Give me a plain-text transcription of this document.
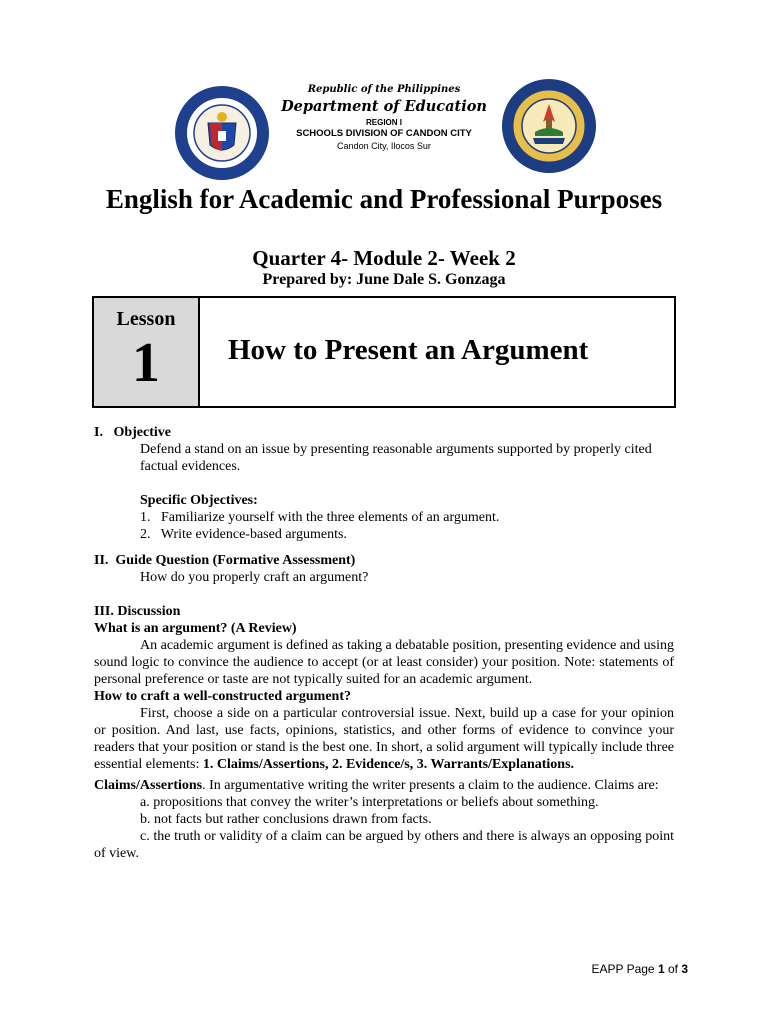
Republic of the Philippines
Department of Education
REGION I
SCHOOLS DIVISION OF CANDON CITY
Candon City, Ilocos Sur
English for Academic and Professional Purposes
Quarter 4- Module 2- Week 2
Prepared by: June Dale S. Gonzaga
Lesson
1	How to Present an Argument
I.   Objective
Defend a stand on an issue by presenting reasonable arguments supported by properly cited factual evidences.
Specific Objectives:
1.   Familiarize yourself with the three elements of an argument.
2.   Write evidence-based arguments.
II.  Guide Question (Formative Assessment)
How do you properly craft an argument?
III. Discussion
What is an argument? (A Review)
An academic argument is defined as taking a debatable position, presenting evidence and using sound logic to convince the audience to accept (or at least consider) your position. Note: statements of personal preference or taste are not typically suited for an academic argument.
How to craft a well-constructed argument?
First, choose a side on a particular controversial issue. Next, build up a case for your opinion or position. And last, use facts, opinions, statistics, and other forms of evidence to convince your readers that your position or stand is the best one. In short, a solid argument will typically include three essential elements: 1. Claims/Assertions, 2. Evidence/s, 3. Warrants/Explanations.
Claims/Assertions. In argumentative writing the writer presents a claim to the audience. Claims are:
a. propositions that convey the writer’s interpretations or beliefs about something.
b. not facts but rather conclusions drawn from facts.
c. the truth or validity of a claim can be argued by others and there is always an opposing point of view.
EAPP Page 1 of 3
